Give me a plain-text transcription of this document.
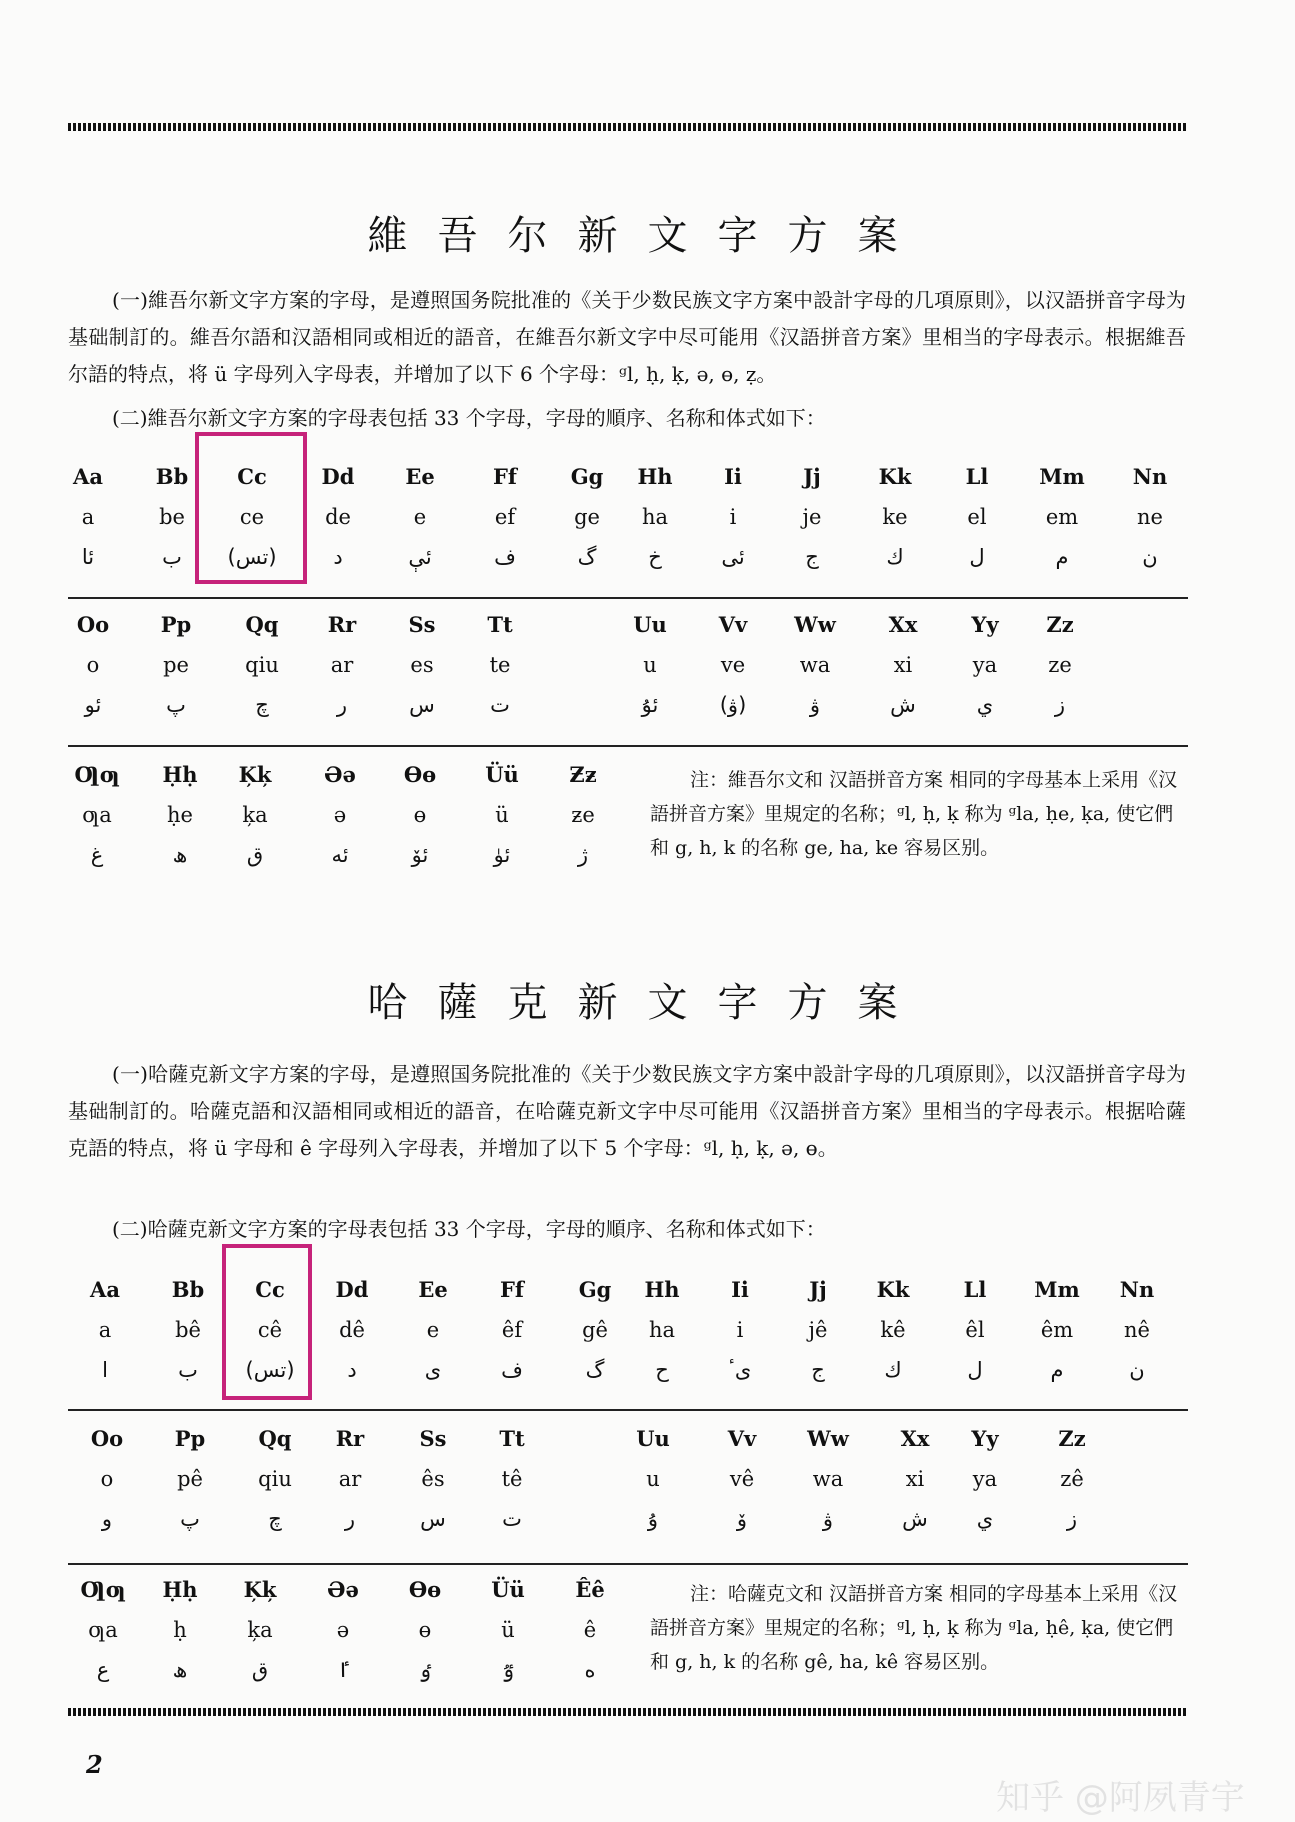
維吾尔新文字方案

(一)維吾尔新文字方案的字母，是遵照国务院批准的《关于少数民族文字方案中設計字母的几項原則》，以汉語拼音字母为基础制訂的。維吾尔語和汉語相同或相近的語音，在維吾尔新文字中尽可能用《汉語拼音方案》里相当的字母表示。根据維吾尔語的特点，将 ü 字母列入字母表，并增加了以下 6 个字母：ᵍl, ḥ, ḳ, ə, ɵ, ẓ。

(二)維吾尔新文字方案的字母表包括 33 个字母，字母的順序、名称和体式如下：

Aa
a
ئا
Bb
be
ب
Cc
ce
(تس)
Dd
de
د
Ee
e
ئې
Ff
ef
ف
Gg
ge
گ
Hh
ha
خ
Ii
i
ئى
Jj
je
ج
Kk
ke
ك
Ll
el
ل
Mm
em
م
Nn
ne
ن
Oo
o
ئو
Pp
pe
پ
Qq
qiu
چ
Rr
ar
ر
Ss
es
س
Tt
te
ت
Uu
u
ئۇ
Vv
ve
(ۋ)
Ww
wa
ۋ
Xx
xi
ش
Yy
ya
ي
Zz
ze
ز
Ƣƣ
ƣa
غ
Ḥḥ
ḥe
ھ
Ķķ
ķa
ق
Əə
ə
ئە
Ɵɵ
ɵ
ئۆ
Üü
ü
ئۈ
Ƶƶ
ƶe
ژ

注：維吾尔文和 汉語拼音方案 相同的字母基本上采用《汉語拼音方案》里規定的名称；ᵍl, ḥ, ḳ 称为 ᵍla, ḥe, ḳa, 使它們和 g, h, k 的名称 ge, ha, ke 容易区别。

哈薩克新文字方案

(一)哈薩克新文字方案的字母，是遵照国务院批准的《关于少数民族文字方案中設計字母的几項原則》，以汉語拼音字母为基础制訂的。哈薩克語和汉語相同或相近的語音，在哈薩克新文字中尽可能用《汉語拼音方案》里相当的字母表示。根据哈薩克語的特点，将 ü 字母和 ê 字母列入字母表，并增加了以下 5 个字母：ᵍl, ḥ, ḳ, ə, ɵ。

(二)哈薩克新文字方案的字母表包括 33 个字母，字母的順序、名称和体式如下：

Aa
a
ا
Bb
bê
ب
Cc
cê
(تس)
Dd
dê
د
Ee
e
ى
Ff
êf
ف
Gg
gê
گ
Hh
ha
ح
Ii
i
ىٴ
Jj
jê
ج
Kk
kê
ك
Ll
êl
ل
Mm
êm
م
Nn
nê
ن
Oo
o
و
Pp
pê
پ
Qq
qiu
چ
Rr
ar
ر
Ss
ês
س
Tt
tê
ت
Uu
u
ۇ
Vv
vê
ۆ
Ww
wa
ۋ
Xx
xi
ش
Yy
ya
ي
Zz
zê
ز
Ƣƣ
ƣa
ع
Ḥḥ
ḥ
ھ
Ķķ
ķa
ق
Əə
ə
ٵ
Ɵɵ
ɵ
ٶ
Üü
ü
ٷ
Êê
ê
ه

注：哈薩克文和 汉語拼音方案 相同的字母基本上采用《汉語拼音方案》里規定的名称；ᵍl, ḥ, ḳ 称为 ᵍla, ḥê, ḳa, 使它們和 g, h, k 的名称 gê, ha, kê 容易区别。

2
知乎 @阿夙青宇
